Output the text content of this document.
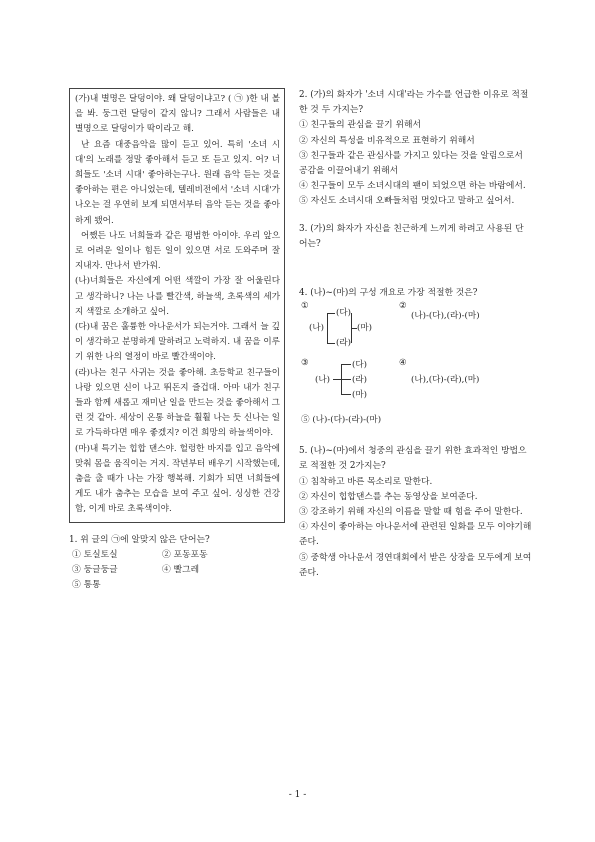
(가)내 별명은 달덩이야. 왜 달덩이냐고? ( ㉠ )한 내 볼을 봐. 둥그런 달덩이 같지 않니? 그래서 사람들은 내 별명으로 달덩이가 딱이라고 해.

난 요즘 대중음악을 많이 듣고 있어. 특히 '소녀 시대'의 노래를 정말 좋아해서 듣고 또 듣고 있지. 어? 너희들도 '소녀 시대' 좋아하는구나. 원래 음악 듣는 것을 좋아하는 편은 아니었는데, 텔레비전에서 '소녀 시대'가 나오는 걸 우연히 보게 되면서부터 음악 듣는 것을 좋아하게 됐어.

어쨌든 나도 너희들과 같은 평범한 아이야. 우리 앞으로 어려운 일이나 힘든 일이 있으면 서로 도와주며 잘 지내자. 만나서 반가워.

(나)너희들은 자신에게 어떤 색깔이 가장 잘 어울린다고 생각하니? 나는 나를 빨간색, 하늘색, 초록색의 세가지 색깔로 소개하고 싶어.

(다)내 꿈은 훌륭한 아나운서가 되는거야. 그래서 늘 깊이 생각하고 분명하게 말하려고 노력하지. 내 꿈을 이루기 위한 나의 열정이 바로 빨간색이야.

(라)나는 친구 사귀는 것을 좋아해. 초등학교 친구들이 나랑 있으면 신이 나고 뛰돈지 즐겁대. 아마 내가 친구들과 함께 새롭고 재미난 일을 만드는 것을 좋아해서 그런 것 같아. 세상이 온통 하늘을 훨훨 나는 듯 신나는 일로 가득하다면 매우 좋겠지? 이건 희망의 하늘색이야.

(마)내 특기는 힙합 댄스야. 헐렁한 바지를 입고 음악에 맞춰 몸을 움직이는 거지. 작년부터 배우기 시작했는데, 춤을 출 때가 나는 가장 행복해. 기회가 되면 너희들에게도 내가 춤추는 모습을 보여 주고 싶어. 싱싱한 건강함, 이게 바로 초록색이야.

1. 위 글의 ㉠에 알맞지 않은 단어는?

① 토실토실	② 포동포동
③ 둥글둥글	④ 빨그레
⑤ 통통

2. (가)의 화자가 '소녀 시대'라는 가수를 언급한 이유로 적절한 것 두 가지는?

① 친구들의 관심을 끌기 위해서

② 자신의 특성을 비유적으로 표현하기 위해서

③ 친구들과 같은 관심사를 가지고 있다는 것을 알림으로서 공감을 이끌어내기 위해서

④ 친구들이 모두 소녀시대의 팬이 되었으면 하는 바람에서.

⑤ 자신도 소녀시대 오빠들처럼 멋있다고 말하고 싶어서.

3. (가)의 화자가 자신을 친근하게 느끼게 하려고 사용된 단어는?

4. (나)~(마)의 구성 개요로 가장 적절한 것은?

①
(나)
(다)
(라)
(마)
②
(나)-(다),(라)-(마)
③
(나)
(다)
(라)
(마)
④
(나),(다)-(라),(마)
⑤ (나)-(다)-(라)-(마)

5. (나)~(마)에서 청중의 관심을 끌기 위한 효과적인 방법으로 적절한 것 2가지는?

① 침착하고 바른 목소리로 말한다.

② 자신이 힙합댄스를 추는 동영상을 보여준다.

③ 강조하기 위해 자신의 이름을 말할 때 힘을 주어 말한다.

④ 자신이 좋아하는 아나운서에 관련된 일화를 모두 이야기해준다.

⑤ 중학생 아나운서 경연대회에서 받은 상장을 모두에게 보여준다.

- 1 -
